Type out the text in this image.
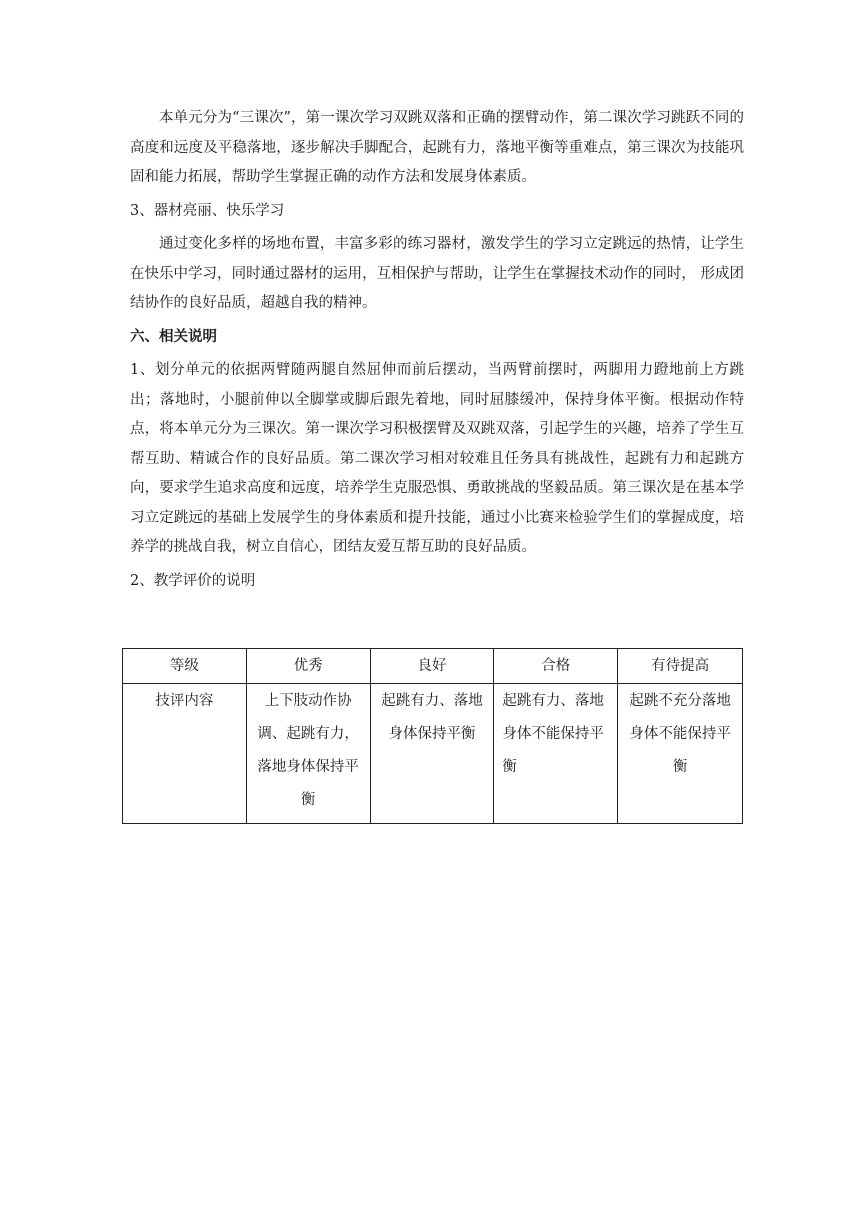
本单元分为“三课次”，第一课次学习双跳双落和正确的摆臂动作，第二课次学习跳跃不同的高度和远度及平稳落地，逐步解决手脚配合，起跳有力，落地平衡等重难点，第三课次为技能巩固和能力拓展，帮助学生掌握正确的动作方法和发展身体素质。

3、器材亮丽、快乐学习

通过变化多样的场地布置，丰富多彩的练习器材，激发学生的学习立定跳远的热情，让学生在快乐中学习，同时通过器材的运用，互相保护与帮助，让学生在掌握技术动作的同时， 形成团结协作的良好品质，超越自我的精神。

六、相关说明

1、划分单元的依据两臂随两腿自然屈伸而前后摆动，当两臂前摆时，两脚用力蹬地前上方跳出；落地时，小腿前伸以全脚掌或脚后跟先着地，同时屈膝缓冲，保持身体平衡。根据动作特点，将本单元分为三课次。第一课次学习积极摆臂及双跳双落，引起学生的兴趣，培养了学生互帮互助、精诚合作的良好品质。第二课次学习相对较难且任务具有挑战性，起跳有力和起跳方向，要求学生追求高度和远度，培养学生克服恐惧、勇敢挑战的坚毅品质。第三课次是在基本学习立定跳远的基础上发展学生的身体素质和提升技能，通过小比赛来检验学生们的掌握成度，培养学的挑战自我，树立自信心，团结友爱互帮互助的良好品质。

2、教学评价的说明

等级	优秀	良好	合格	有待提高
技评内容	上下肢动作协调、起跳有力，落地身体保持平衡	起跳有力、落地身体保持平衡	起跳有力、落地身体不能保持平衡	起跳不充分落地身体不能保持平衡
